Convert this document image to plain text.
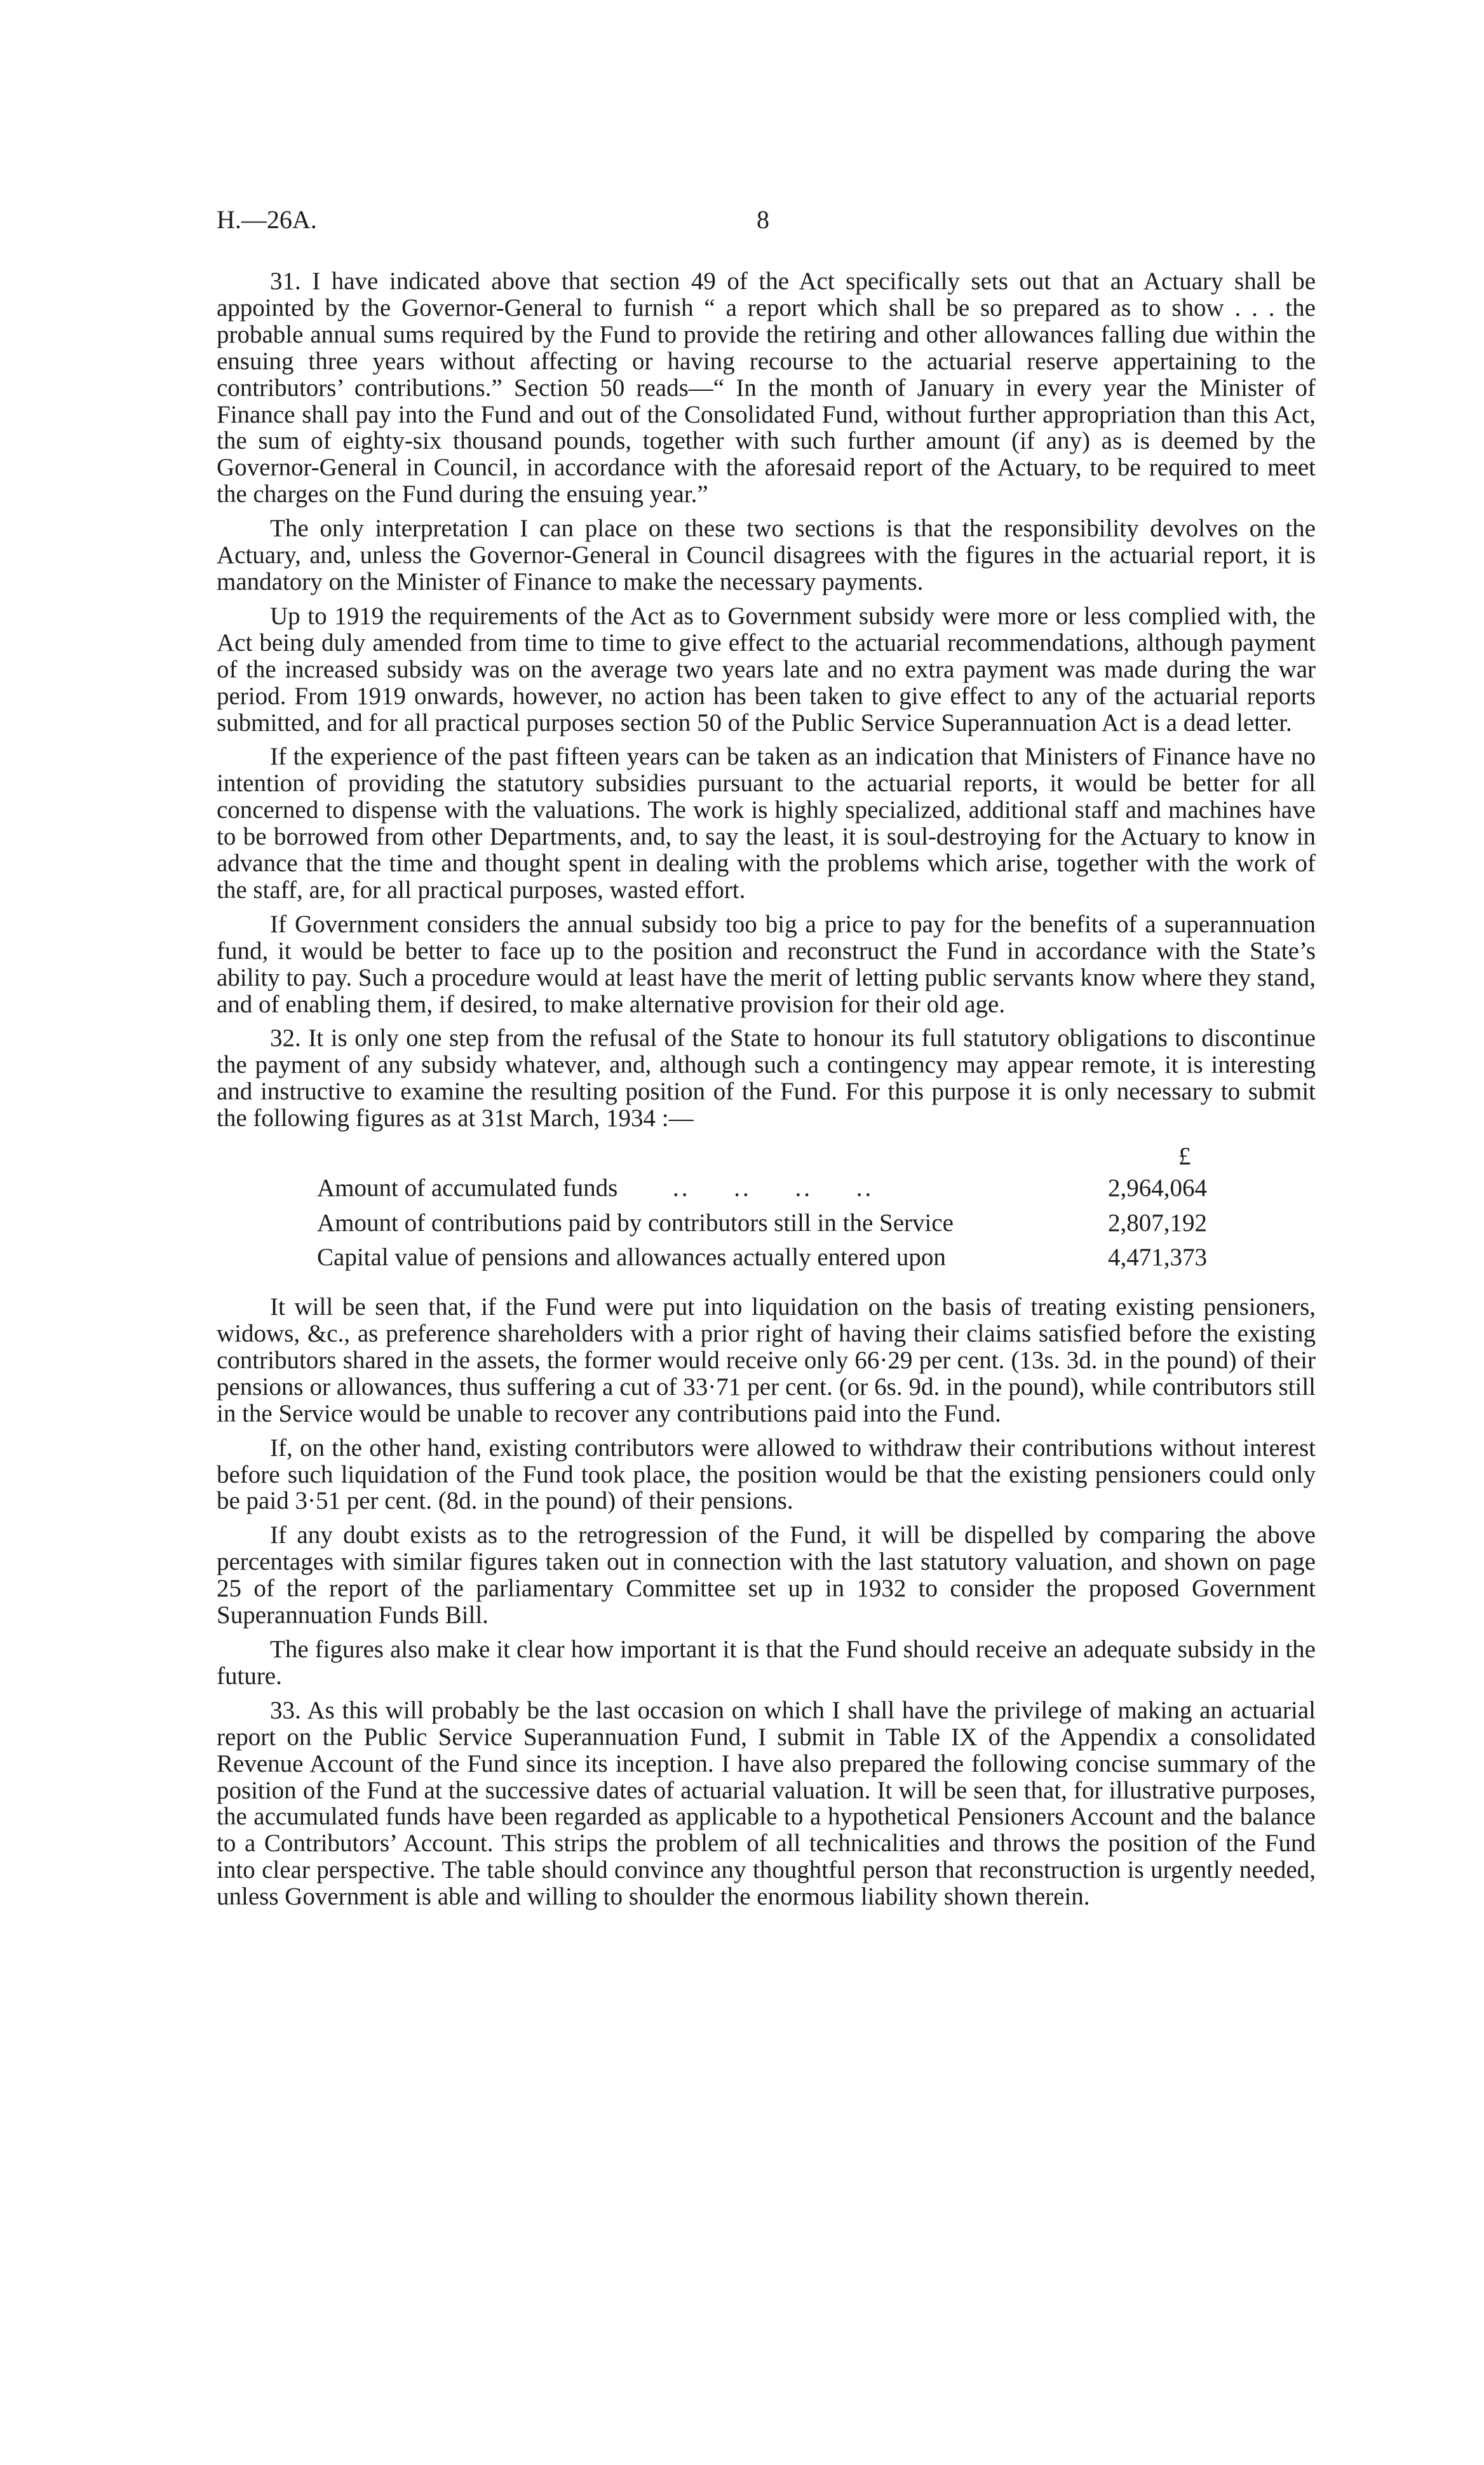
H.—26A.	8

31. I have indicated above that section 49 of the Act specifically sets out that an Actuary shall be appointed by the Governor-General to furnish “ a report which shall be so prepared as to show . . . the probable annual sums required by the Fund to provide the retiring and other allowances falling due within the ensuing three years without affecting or having recourse to the actuarial reserve appertaining to the contributors’ contributions.” Section 50 reads—“ In the month of January in every year the Minister of Finance shall pay into the Fund and out of the Consolidated Fund, without further appropriation than this Act, the sum of eighty-six thousand pounds, together with such further amount (if any) as is deemed by the Governor-General in Council, in accordance with the aforesaid report of the Actuary, to be required to meet the charges on the Fund during the ensuing year.”

The only interpretation I can place on these two sections is that the responsibility devolves on the Actuary, and, unless the Governor-General in Council disagrees with the figures in the actuarial report, it is mandatory on the Minister of Finance to make the necessary payments.

Up to 1919 the requirements of the Act as to Government subsidy were more or less complied with, the Act being duly amended from time to time to give effect to the actuarial recommendations, although payment of the increased subsidy was on the average two years late and no extra payment was made during the war period. From 1919 onwards, however, no action has been taken to give effect to any of the actuarial reports submitted, and for all practical purposes section 50 of the Public Service Superannuation Act is a dead letter.

If the experience of the past fifteen years can be taken as an indication that Ministers of Finance have no intention of providing the statutory subsidies pursuant to the actuarial reports, it would be better for all concerned to dispense with the valuations. The work is highly specialized, additional staff and machines have to be borrowed from other Departments, and, to say the least, it is soul-destroying for the Actuary to know in advance that the time and thought spent in dealing with the problems which arise, together with the work of the staff, are, for all practical purposes, wasted effort.

If Government considers the annual subsidy too big a price to pay for the benefits of a superannuation fund, it would be better to face up to the position and reconstruct the Fund in accordance with the State’s ability to pay. Such a procedure would at least have the merit of letting public servants know where they stand, and of enabling them, if desired, to make alternative provision for their old age.

32. It is only one step from the refusal of the State to honour its full statutory obligations to discontinue the payment of any subsidy whatever, and, although such a contingency may appear remote, it is interesting and instructive to examine the resulting position of the Fund. For this purpose it is only necessary to submit the following figures as at 31st March, 1934 :—

£
Amount of accumulated funds ..     ..     ..     ..	2,964,064
Amount of contributions paid by contributors still in the Service	2,807,192
Capital value of pensions and allowances actually entered upon	4,471,373

It will be seen that, if the Fund were put into liquidation on the basis of treating existing pensioners, widows, &c., as preference shareholders with a prior right of having their claims satisfied before the existing contributors shared in the assets, the former would receive only 66·29 per cent. (13s. 3d. in the pound) of their pensions or allowances, thus suffering a cut of 33·71 per cent. (or 6s. 9d. in the pound), while contributors still in the Service would be unable to recover any contributions paid into the Fund.

If, on the other hand, existing contributors were allowed to withdraw their contributions without interest before such liquidation of the Fund took place, the position would be that the existing pensioners could only be paid 3·51 per cent. (8d. in the pound) of their pensions.

If any doubt exists as to the retrogression of the Fund, it will be dispelled by comparing the above percentages with similar figures taken out in connection with the last statutory valuation, and shown on page 25 of the report of the parliamentary Committee set up in 1932 to consider the proposed Government Superannuation Funds Bill.

The figures also make it clear how important it is that the Fund should receive an adequate subsidy in the future.

33. As this will probably be the last occasion on which I shall have the privilege of making an actuarial report on the Public Service Superannuation Fund, I submit in Table IX of the Appendix a consolidated Revenue Account of the Fund since its inception. I have also prepared the following concise summary of the position of the Fund at the successive dates of actuarial valuation. It will be seen that, for illustrative purposes, the accumulated funds have been regarded as applicable to a hypothetical Pensioners Account and the balance to a Contributors’ Account. This strips the problem of all technicalities and throws the position of the Fund into clear perspective. The table should convince any thoughtful person that reconstruction is urgently needed, unless Government is able and willing to shoulder the enormous liability shown therein.
